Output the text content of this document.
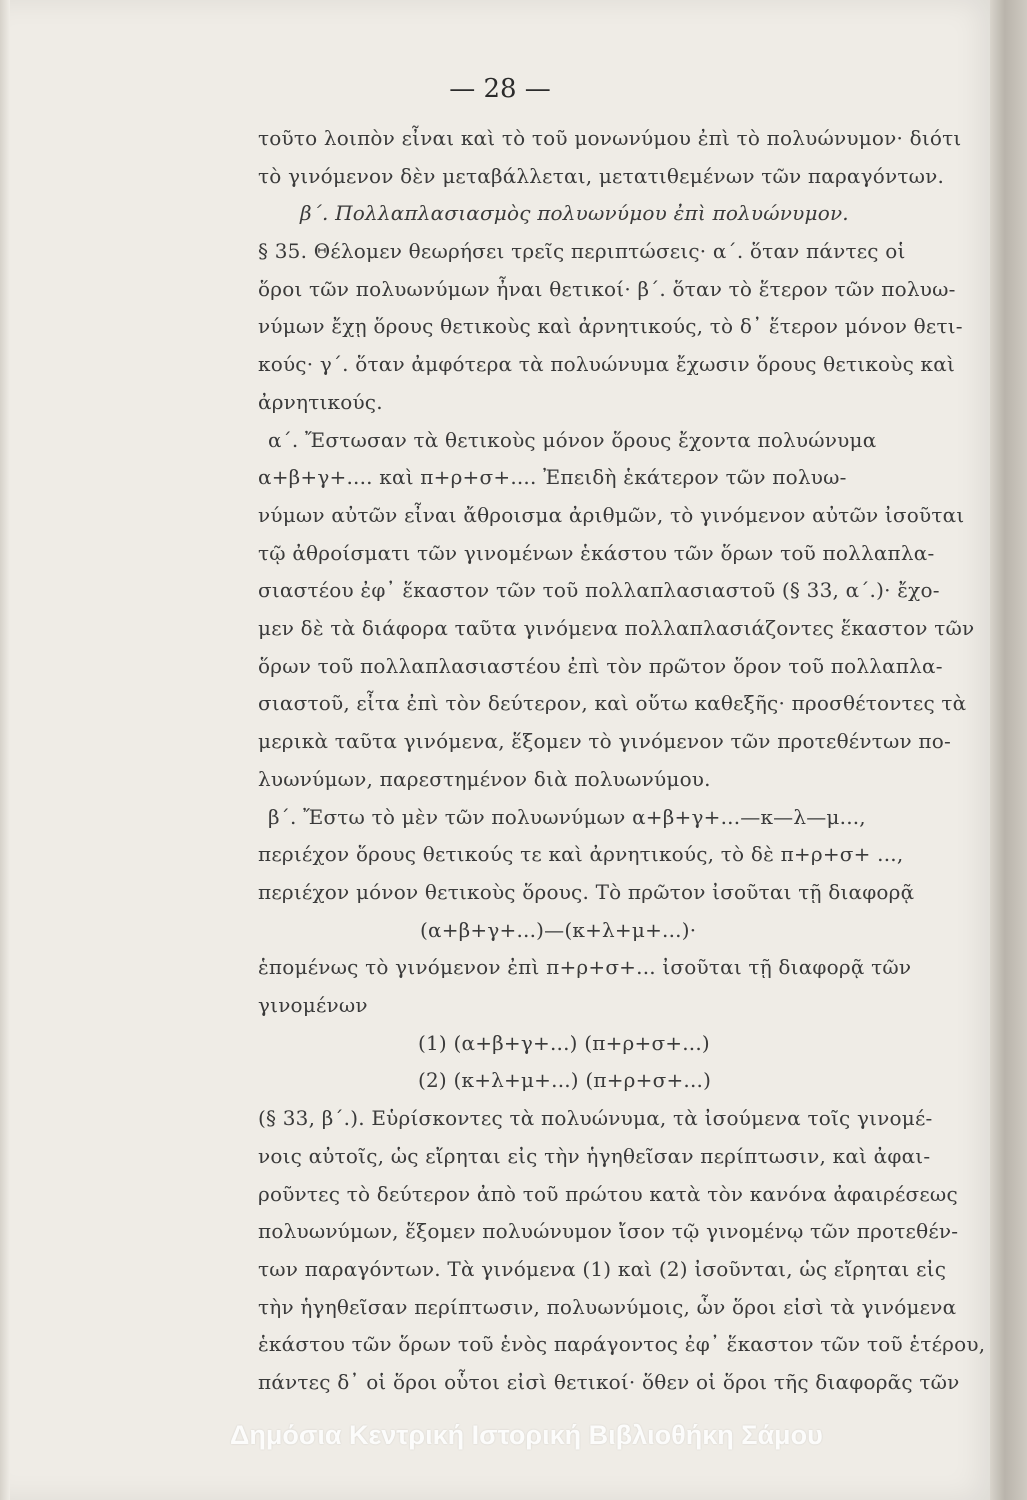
— 28 —
τοῦτο λοιπὸν εἶναι καὶ τὸ τοῦ μονωνύμου ἐπὶ τὸ πολυώνυμον· διότι
τὸ γινόμενον δὲν μεταβάλλεται, μετατιθεμένων τῶν παραγόντων.
β΄. Πολλαπλασιασμὸς πολυωνύμου ἐπὶ πολυώνυμον.
§ 35. Θέλομεν θεωρήσει τρεῖς περιπτώσεις· α΄. ὅταν πάντες οἱ
ὅροι τῶν πολυωνύμων ἦναι θετικοί· β΄. ὅταν τὸ ἕτερον τῶν πολυω-
νύμων ἔχῃ ὅρους θετικοὺς καὶ ἀρνητικούς, τὸ δ᾽ ἕτερον μόνον θετι-
κούς· γ΄. ὅταν ἀμφότερα τὰ πολυώνυμα ἔχωσιν ὅρους θετικοὺς καὶ
ἀρνητικούς.
α΄. Ἔστωσαν τὰ θετικοὺς μόνον ὅρους ἔχοντα πολυώνυμα
α+β+γ+.... καὶ π+ρ+σ+.... Ἐπειδὴ ἑκάτερον τῶν πολυω-
νύμων αὐτῶν εἶναι ἄθροισμα ἀριθμῶν, τὸ γινόμενον αὐτῶν ἰσοῦται
τῷ ἀθροίσματι τῶν γινομένων ἑκάστου τῶν ὅρων τοῦ πολλαπλα-
σιαστέου ἐφ᾽ ἕκαστον τῶν τοῦ πολλαπλασιαστοῦ (§ 33, α΄.)· ἔχο-
μεν δὲ τὰ διάφορα ταῦτα γινόμενα πολλαπλασιάζοντες ἕκαστον τῶν
ὅρων τοῦ πολλαπλασιαστέου ἐπὶ τὸν πρῶτον ὅρον τοῦ πολλαπλα-
σιαστοῦ, εἶτα ἐπὶ τὸν δεύτερον, καὶ οὕτω καθεξῆς· προσθέτοντες τὰ
μερικὰ ταῦτα γινόμενα, ἕξομεν τὸ γινόμενον τῶν προτεθέντων πο-
λυωνύμων, παρεστημένον διὰ πολυωνύμου.
β΄. Ἔστω τὸ μὲν τῶν πολυωνύμων α+β+γ+...—κ—λ—μ...,
περιέχον ὅρους θετικούς τε καὶ ἀρνητικούς, τὸ δὲ π+ρ+σ+ ...,
περιέχον μόνον θετικοὺς ὅρους. Τὸ πρῶτον ἰσοῦται τῇ διαφορᾷ
(α+β+γ+...)—(κ+λ+μ+...)·
ἑπομένως τὸ γινόμενον ἐπὶ π+ρ+σ+... ἰσοῦται τῇ διαφορᾷ τῶν
γινομένων
(1) (α+β+γ+...) (π+ρ+σ+...)
(2) (κ+λ+μ+...) (π+ρ+σ+...)
(§ 33, β΄.). Εὑρίσκοντες τὰ πολυώνυμα, τὰ ἰσούμενα τοῖς γινομέ-
νοις αὐτοῖς, ὡς εἴρηται εἰς τὴν ἡγηθεῖσαν περίπτωσιν, καὶ ἀφαι-
ροῦντες τὸ δεύτερον ἀπὸ τοῦ πρώτου κατὰ τὸν κανόνα ἀφαιρέσεως
πολυωνύμων, ἕξομεν πολυώνυμον ἴσον τῷ γινομένῳ τῶν προτεθέν-
των παραγόντων. Τὰ γινόμενα (1) καὶ (2) ἰσοῦνται, ὡς εἴρηται εἰς
τὴν ἡγηθεῖσαν περίπτωσιν, πολυωνύμοις, ὧν ὅροι εἰσὶ τὰ γινόμενα
ἑκάστου τῶν ὅρων τοῦ ἑνὸς παράγοντος ἐφ᾽ ἕκαστον τῶν τοῦ ἑτέρου,
πάντες δ᾽ οἱ ὅροι οὗτοι εἰσὶ θετικοί· ὅθεν οἱ ὅροι τῆς διαφορᾶς τῶν
Δημόσια Κεντρική Ιστορική Βιβλιοθήκη Σάμου
